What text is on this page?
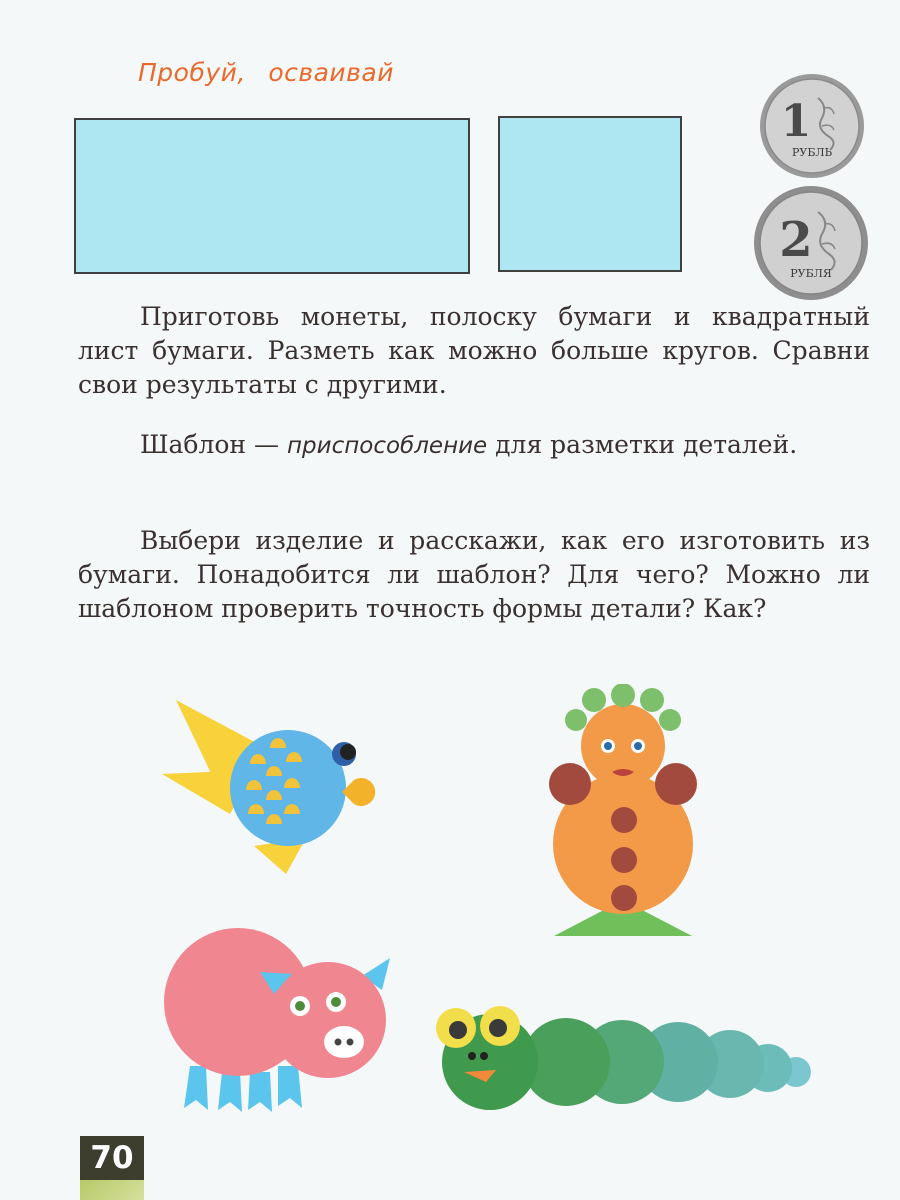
Пробуй, осваивай
1
РУБЛЬ
2
РУБЛЯ

Приготовь монеты, полоску бумаги и квадратный лист бумаги. Разметь как можно больше кругов. Сравни свои результаты с другими.

Шаблон — приспособление для разметки деталей.

Выбери изделие и расскажи, как его изготовить из бумаги. Понадобится ли шаблон? Для чего? Можно ли шаблоном проверить точность формы детали? Как?

70
